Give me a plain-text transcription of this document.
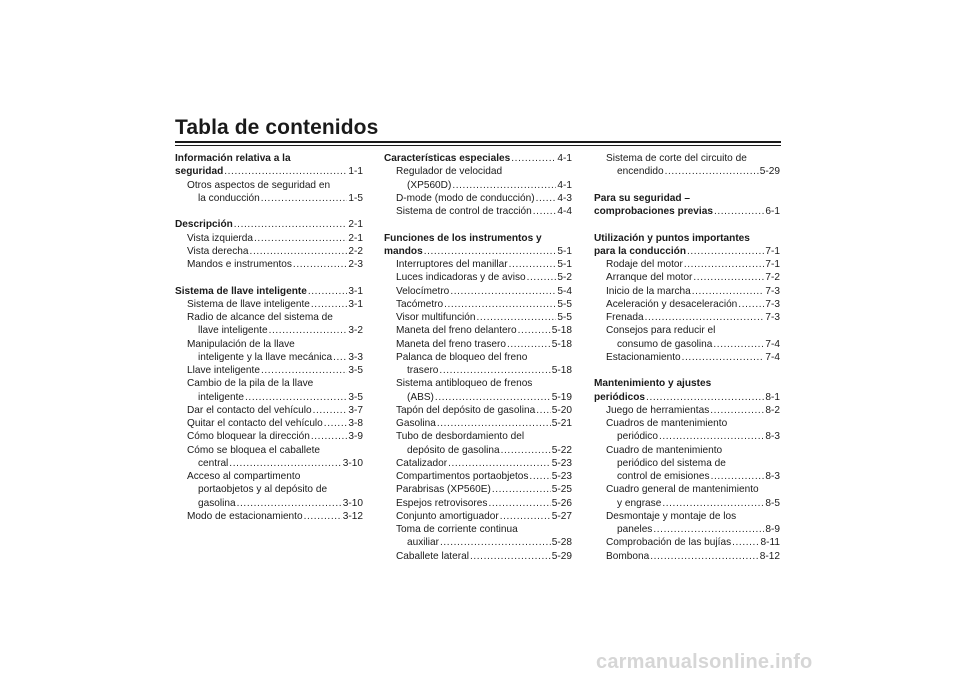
Tabla de contenidos
Información relativa a la
seguridad .....	1-1
Otros aspectos de seguridad en
la conducción .....	1-5
Descripción .....	2-1
Vista izquierda .....	2-1
Vista derecha .....	2-2
Mandos e instrumentos .....	2-3
Sistema de llave inteligente .....	3-1
Sistema de llave inteligente .....	3-1
Radio de alcance del sistema de
llave inteligente .....	3-2
Manipulación de la llave
inteligente y la llave mecánica ..... 3-3
Llave inteligente .....	3-5
Cambio de la pila de la llave
inteligente .....	3-5
Dar el contacto del vehículo .....	3-7
Quitar el contacto del vehículo .....	3-8
Cómo bloquear la dirección .....	3-9
Cómo se bloquea el caballete
central .....	3-10
Acceso al compartimento
portaobjetos y al depósito de
gasolina .....	3-10
Modo de estacionamiento .....	3-12
Características especiales .....	4-1
Regulador de velocidad
(XP560D) .....	4-1
D-mode (modo de conducción) ..... 4-3
Sistema de control de tracción .....	4-4
Funciones de los instrumentos y
mandos .....	5-1
Interruptores del manillar .....	5-1
Luces indicadoras y de aviso .....	5-2
Velocímetro .....	5-4
Tacómetro .....	5-5
Visor multifunción .....	5-5
Maneta del freno delantero .....	5-18
Maneta del freno trasero .....	5-18
Palanca de bloqueo del freno
trasero .....	5-18
Sistema antibloqueo de frenos
(ABS) .....	5-19
Tapón del depósito de gasolina ..... 5-20
Gasolina .....	5-21
Tubo de desbordamiento del
depósito de gasolina .....	5-22
Catalizador .....	5-23
Compartimentos portaobjetos ..... 5-23
Parabrisas (XP560E) .....	5-25
Espejos retrovisores .....	5-26
Conjunto amortiguador .....	5-27
Toma de corriente continua
auxiliar .....	5-28
Caballete lateral .....	5-29
Sistema de corte del circuito de
encendido .....	5-29
Para su seguridad –
comprobaciones previas .....	6-1
Utilización y puntos importantes
para la conducción .....	7-1
Rodaje del motor .....	7-1
Arranque del motor .....	7-2
Inicio de la marcha .....	7-3
Aceleración y desaceleración .....	7-3
Frenada .....	7-3
Consejos para reducir el
consumo de gasolina .....	7-4
Estacionamiento .....	7-4
Mantenimiento y ajustes
periódicos .....	8-1
Juego de herramientas .....	8-2
Cuadros de mantenimiento
periódico .....	8-3
Cuadro de mantenimiento
periódico del sistema de
control de emisiones .....	8-3
Cuadro general de mantenimiento
y engrase .....	8-5
Desmontaje y montaje de los
paneles .....	8-9
Comprobación de las bujías .....	8-11
Bombona .....	8-12
carmanualsonline.info
